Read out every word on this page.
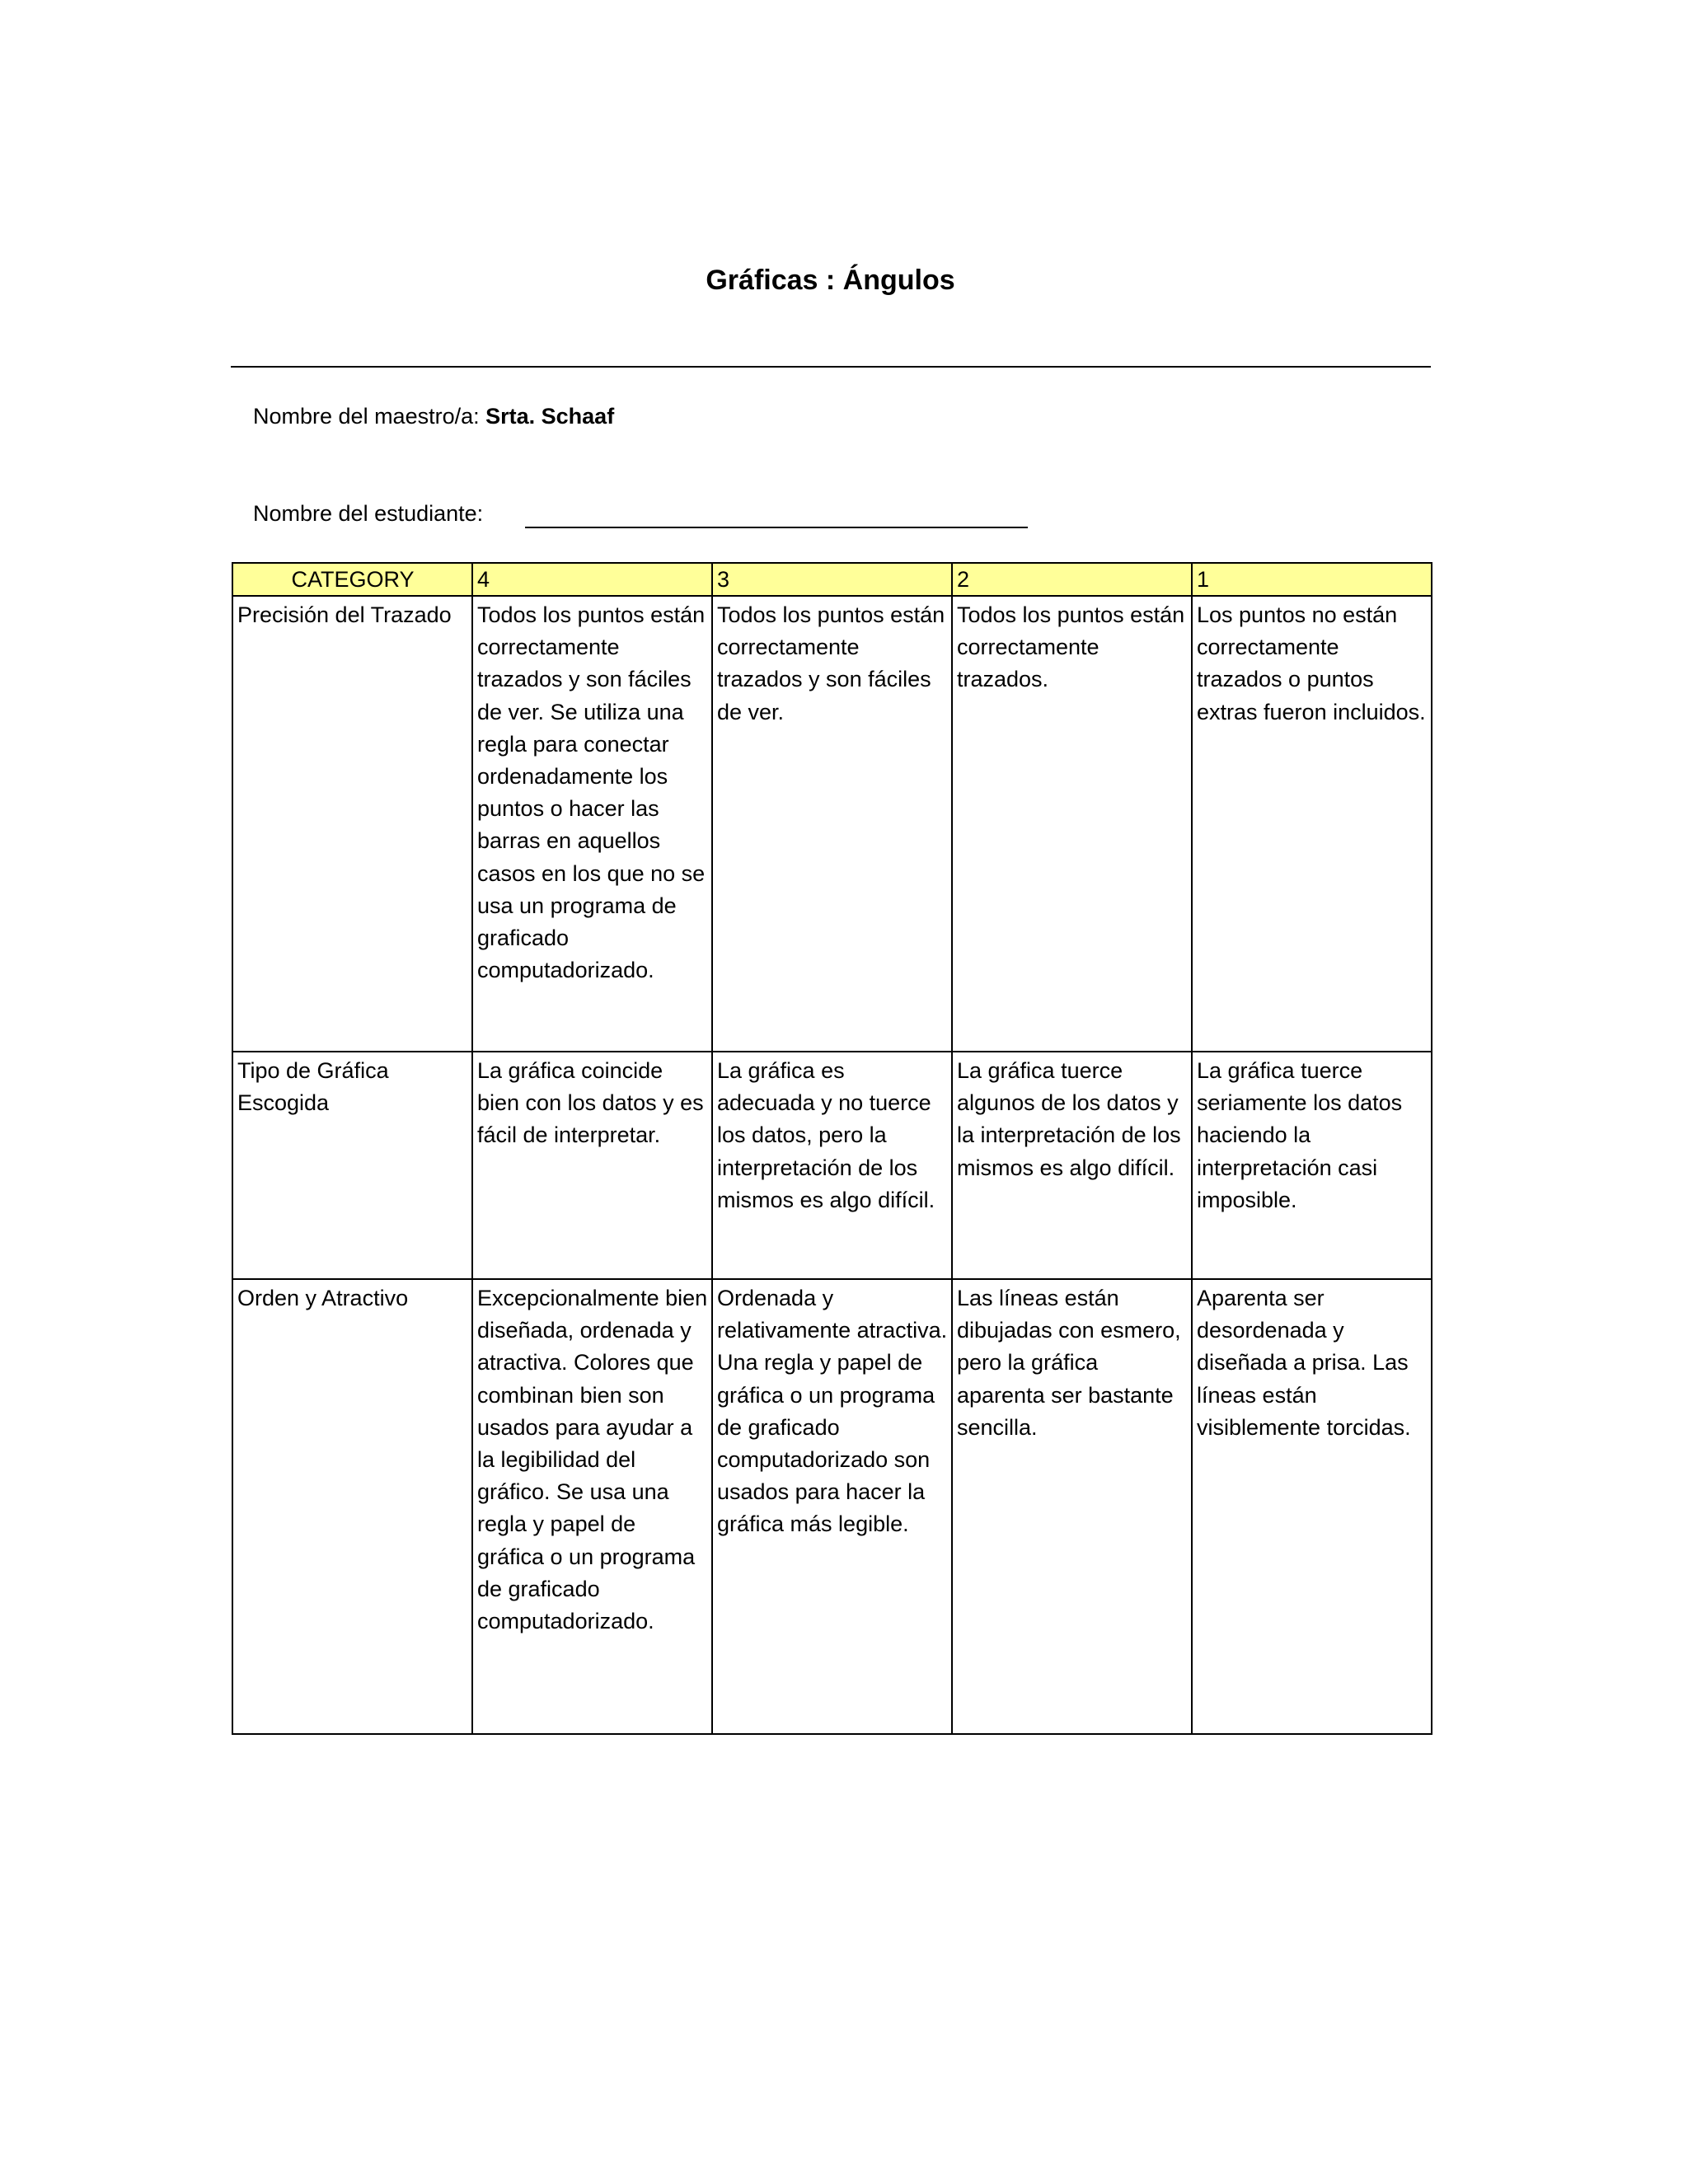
Gráficas : Ángulos
Nombre del maestro/a: Srta. Schaaf
Nombre del estudiante:
CATEGORY	4	3	2	1
Precisión del Trazado	Todos los puntos están correctamente trazados y son fáciles de ver. Se utiliza una regla para conectar ordenadamente los puntos o hacer las barras en aquellos casos en los que no se usa un programa de graficado computadorizado.	Todos los puntos están correctamente trazados y son fáciles de ver.	Todos los puntos están correctamente trazados.	Los puntos no están correctamente trazados o puntos extras fueron incluidos.
Tipo de Gráfica Escogida	La gráfica coincide bien con los datos y es fácil de interpretar.	La gráfica es adecuada y no tuerce los datos, pero la interpretación de los mismos es algo difícil.	La gráfica tuerce algunos de los datos y la interpretación de los mismos es algo difícil.	La gráfica tuerce seriamente los datos haciendo la interpretación casi imposible.
Orden y Atractivo	Excepcionalmente bien diseñada, ordenada y atractiva. Colores que combinan bien son usados para ayudar a la legibilidad del gráfico. Se usa una regla y papel de gráfica o un programa de graficado computadorizado.	Ordenada y relativamente atractiva. Una regla y papel de gráfica o un programa de graficado computadorizado son usados para hacer la gráfica más legible.	Las líneas están dibujadas con esmero, pero la gráfica aparenta ser bastante sencilla.	Aparenta ser desordenada y diseñada a prisa. Las líneas están visiblemente torcidas.
